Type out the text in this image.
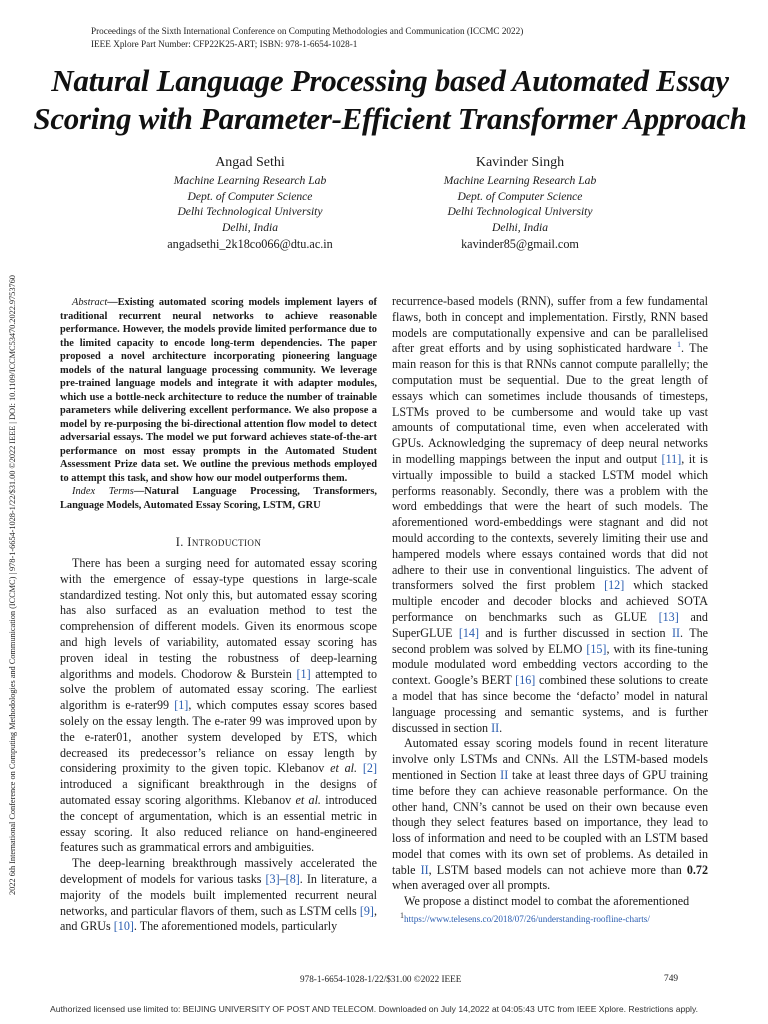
Proceedings of the Sixth International Conference on Computing Methodologies and Communication (ICCMC 2022)
IEEE Xplore Part Number: CFP22K25-ART; ISBN: 978-1-6654-1028-1
2022 6th International Conference on Computing Methodologies and Communication (ICCMC) | 978-1-6654-1028-1/22/$31.00 ©2022 IEEE | DOI: 10.1109/ICCMC53470.2022.9753760
Natural Language Processing based Automated Essay
Scoring with Parameter-Efficient Transformer Approach
Angad Sethi
Machine Learning Research Lab
Dept. of Computer Science
Delhi Technological University
Delhi, India
angadsethi_2k18co066@dtu.ac.in
Kavinder Singh
Machine Learning Research Lab
Dept. of Computer Science
Delhi Technological University
Delhi, India
kavinder85@gmail.com

Abstract—Existing automated scoring models implement layers of traditional recurrent neural networks to achieve reasonable performance. However, the models provide limited performance due to the limited capacity to encode long-term dependencies. The paper proposed a novel architecture incorporating pioneering language models of the natural language processing community. We leverage pre-trained language models and integrate it with adapter modules, which use a bottle-neck architecture to reduce the number of trainable parameters while delivering excellent performance. We also propose a model by re-purposing the bi-directional attention flow model to detect adversarial essays. The model we put forward achieves state-of-the-art performance on most essay prompts in the Automated Student Assessment Prize data set. We outline the previous methods employed to attempt this task, and show how our model outperforms them.

Index Terms—Natural Language Processing, Transformers, Language Models, Automated Essay Scoring, LSTM, GRU

I. Introduction

There has been a surging need for automated essay scoring with the emergence of essay-type questions in large-scale standardized testing. Not only this, but automated essay scoring has also surfaced as an evaluation method to test the comprehension of different models. Given its enormous scope and high levels of variability, automated essay scoring has proven ideal in testing the robustness of deep-learning algorithms and models. Chodorow & Burstein [1] attempted to solve the problem of automated essay scoring. The earliest algorithm is e-rater99 [1], which computes essay scores based solely on the essay length. The e-rater 99 was improved upon by the e-rater01, another system developed by ETS, which decreased its predecessor’s reliance on essay length by considering proximity to the given topic. Klebanov et al. [2] introduced a significant breakthrough in the designs of automated essay scoring algorithms. Klebanov et al. introduced the concept of argumentation, which is an essential metric in essay scoring. It also reduced reliance on hand-engineered features such as grammatical errors and ambiguities.

The deep-learning breakthrough massively accelerated the development of models for various tasks [3]–[8]. In literature, a majority of the models built implemented recurrent neural networks, and particular flavors of them, such as LSTM cells [9], and GRUs [10]. The aforementioned models, particularly

recurrence-based models (RNN), suffer from a few fundamental flaws, both in concept and implementation. Firstly, RNN based models are computationally expensive and can be parallelised after great efforts and by using sophisticated hardware $^1$. The main reason for this is that RNNs cannot compute parallelly; the computation must be sequential. Due to the great length of essays which can sometimes include thousands of timesteps, LSTMs proved to be cumbersome and would take up vast amounts of computational time, even when accelerated with GPUs. Acknowledging the supremacy of deep neural networks in modelling mappings between the input and output [11], it is virtually impossible to build a stacked LSTM model which performs reasonably. Secondly, there was a problem with the word embeddings that were the heart of such models. The aforementioned word-embeddings were stagnant and did not mould according to the contexts, severely limiting their use and hampered models where essays contained words that did not adhere to their use in conventional linguistics. The advent of transformers solved the first problem [12] which stacked multiple encoder and decoder blocks and achieved SOTA performance on benchmarks such as GLUE [13] and SuperGLUE [14] and is further discussed in section II. The second problem was solved by ELMO [15], with its fine-tuning module modulated word embedding vectors according to the context. Google’s BERT [16] combined these solutions to create a model that has since become the ‘defacto’ model in natural language processing and semantic systems, and is further discussed in section II.

Automated essay scoring models found in recent literature involve only LSTMs and CNNs. All the LSTM-based models mentioned in Section II take at least three days of GPU training time before they can achieve reasonable performance. On the other hand, CNN’s cannot be used on their own because even though they select features based on importance, they lead to loss of information and need to be coupled with an LSTM based model that comes with its own set of problems. As detailed in table II, LSTM based models can not achieve more than 0.72 when averaged over all prompts.

We propose a distinct model to combat the aforementioned

1https://www.telesens.co/2018/07/26/understanding-roofline-charts/
978-1-6654-1028-1/22/$31.00 ©2022 IEEE	749
Authorized licensed use limited to: BEIJING UNIVERSITY OF POST AND TELECOM. Downloaded on July 14,2022 at 04:05:43 UTC from IEEE Xplore. Restrictions apply.
